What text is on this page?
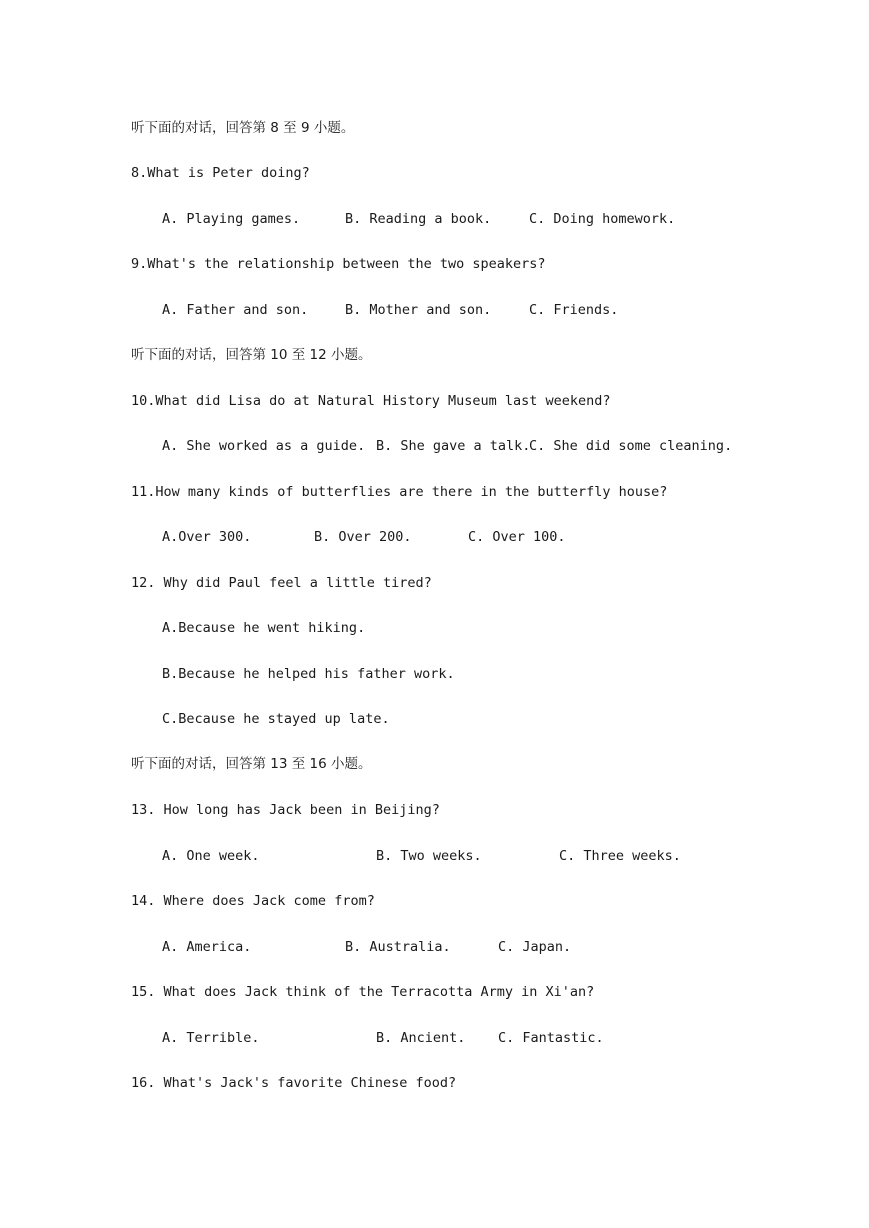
听下面的对话，回答第 8 至 9 小题。
8.What is Peter doing?

A. Playing games.

	B. Reading a book.

	C. Doing homework.

9.What's the relationship between the two speakers?

A. Father and son.

	B. Mother and son.

	C. Friends.

听下面的对话，回答第 10 至 12 小题。
10.What did Lisa do at Natural History Museum last weekend?

A. She worked as a guide.

B. She gave a talk.

C. She did some cleaning.

11.How many kinds of butterflies are there in the butterfly house?

A.Over 300.

	B. Over 200.

	C. Over 100.

12. Why did Paul feel a little tired?
A.Because he went hiking.
B.Because he helped his father work.
C.Because he stayed up late.
听下面的对话，回答第 13 至 16 小题。
13. How long has Jack been in Beijing?

A. One week.

	B. Two weeks.

	C. Three weeks.

14. Where does Jack come from?

A. America.

	B. Australia.

	C. Japan.

15. What does Jack think of the Terracotta Army in Xi'an?

A. Terrible.

	B. Ancient.

C. Fantastic.

16. What's Jack's favorite Chinese food?
